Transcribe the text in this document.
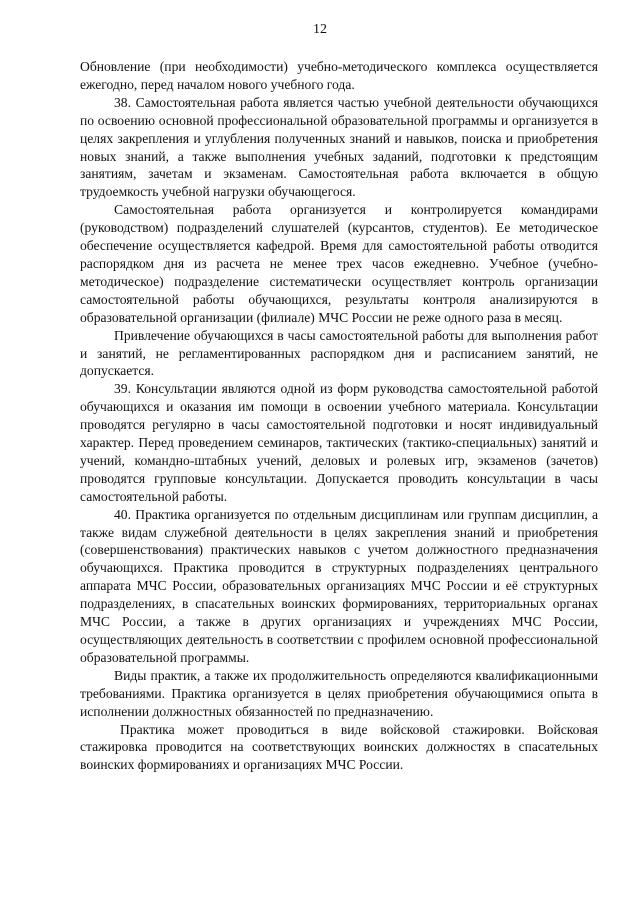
12

Обновление (при необходимости) учебно-методического комплекса осуществляется ежегодно, перед началом нового учебного года.

38. Самостоятельная работа является частью учебной деятельности обучающихся по освоению основной профессиональной образовательной программы и организуется в целях закрепления и углубления полученных знаний и навыков, поиска и приобретения новых знаний, а также выполнения учебных заданий, подготовки к предстоящим занятиям, зачетам и экзаменам. Самостоятельная работа включается в общую трудоемкость учебной нагрузки обучающегося.

Самостоятельная работа организуется и контролируется командирами (руководством) подразделений слушателей (курсантов, студентов). Ее методическое обеспечение осуществляется кафедрой. Время для самостоятельной работы отводится распорядком дня из расчета не менее трех часов ежедневно. Учебное (учебно-методическое) подразделение систематически осуществляет контроль организации самостоятельной работы обучающихся, результаты контроля анализируются в образовательной организации (филиале) МЧС России не реже одного раза в месяц.

Привлечение обучающихся в часы самостоятельной работы для выполнения работ и занятий, не регламентированных распорядком дня и расписанием занятий, не допускается.

39. Консультации являются одной из форм руководства самостоятельной работой обучающихся и оказания им помощи в освоении учебного материала. Консультации проводятся регулярно в часы самостоятельной подготовки и носят индивидуальный характер. Перед проведением семинаров, тактических (тактико-специальных) занятий и учений, командно-штабных учений, деловых и ролевых игр, экзаменов (зачетов) проводятся групповые консультации. Допускается проводить консультации в часы самостоятельной работы.

40. Практика организуется по отдельным дисциплинам или группам дисциплин, а также видам служебной деятельности в целях закрепления знаний и приобретения (совершенствования) практических навыков с учетом должностного предназначения обучающихся. Практика проводится в структурных подразделениях центрального аппарата МЧС России, образовательных организациях МЧС России и её структурных подразделениях, в спасательных воинских формированиях, территориальных органах МЧС России, а также в других организациях и учреждениях МЧС России, осуществляющих деятельность в соответствии с профилем основной профессиональной образовательной программы.

Виды практик, а также их продолжительность определяются квалификационными требованиями. Практика организуется в целях приобретения обучающимися опыта в исполнении должностных обязанностей по предназначению.

Практика может проводиться в виде войсковой стажировки. Войсковая стажировка проводится на соответствующих воинских должностях в спасательных воинских формированиях и организациях МЧС России.
